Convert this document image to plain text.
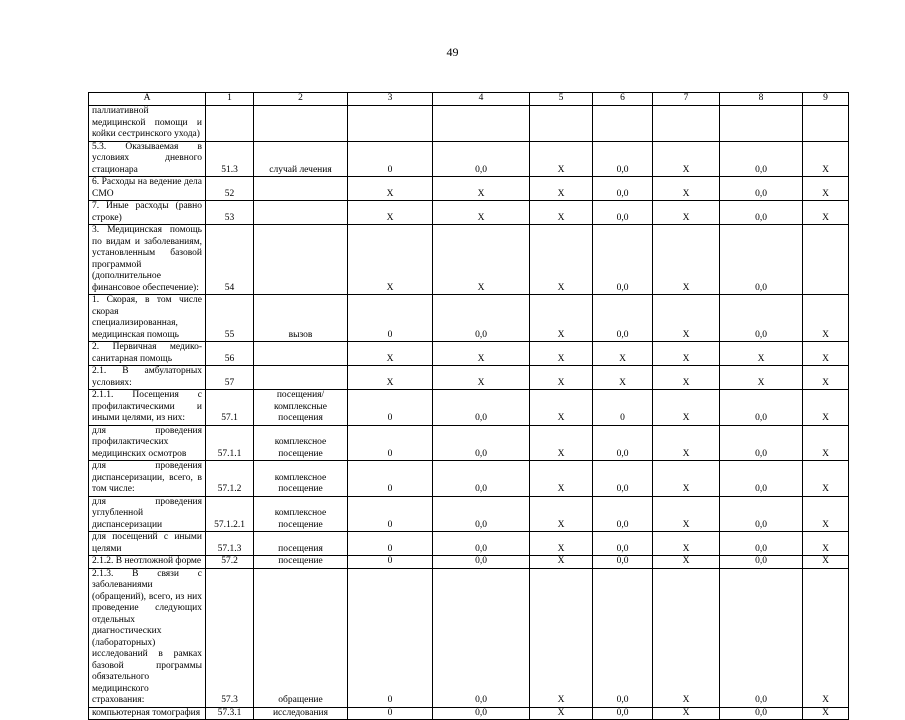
49
А	1	2	3	4	5	6	7	8	9
паллиативной медицинской помощи и койки сестринского ухода)									
5.3. Оказываемая в условиях дневного стационара	51.3	случай лечения	0	0,0	Х	0,0	Х	0,0	Х
6. Расходы на ведение дела СМО	52		Х	Х	Х	0,0	Х	0,0	Х
7. Иные расходы (равно строке)	53		Х	Х	Х	0,0	Х	0,0	Х
3. Медицинская помощь по видам и заболеваниям, установленным базовой программой (дополнительное финансовое обеспечение):	54		Х	Х	Х	0,0	Х	0,0	
1. Скорая, в том числе скорая специализированная, медицинская помощь	55	вызов	0	0,0	Х	0,0	Х	0,0	Х
2. Первичная медико-санитарная помощь	56		Х	Х	Х	Х	Х	Х	Х
2.1. В амбулаторных условиях:	57		Х	Х	Х	Х	Х	Х	Х
2.1.1. Посещения с профилактическими и иными целями, из них:	57.1	посещения/ комплексные посещения	0	0,0	Х	0	Х	0,0	Х
для проведения профилактических медицинских осмотров	57.1.1	комплексное посещение	0	0,0	Х	0,0	Х	0,0	Х
для проведения диспансеризации, всего, в том числе:	57.1.2	комплексное посещение	0	0,0	Х	0,0	Х	0,0	Х
для проведения углубленной диспансеризации	57.1.2.1	комплексное посещение	0	0,0	Х	0,0	Х	0,0	Х
для посещений с иными целями	57.1.3	посещения	0	0,0	Х	0,0	Х	0,0	Х
2.1.2. В неотложной форме	57.2	посещение	0	0,0	Х	0,0	Х	0,0	Х
2.1.3. В связи с заболеваниями (обращений), всего, из них проведение следующих отдельных диагностических (лабораторных) исследований в рамках базовой программы обязательного медицинского страхования:	57.3	обращение	0	0,0	Х	0,0	Х	0,0	Х
компьютерная томография	57.3.1	исследования	0	0,0	Х	0,0	Х	0,0	Х
